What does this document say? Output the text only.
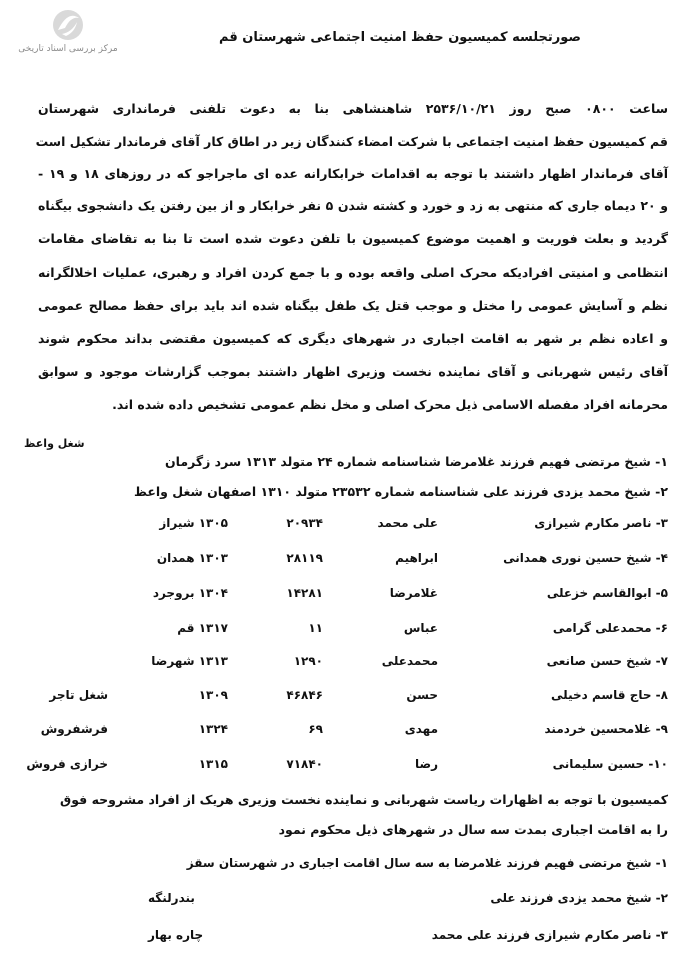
مرکز بررسی اسناد تاریخی
صورتجلسه کمیسیون حفظ امنیت اجتماعی شهرستان قم
ساعت ۰۸۰۰ صبح روز ۲۵۳۶/۱۰/۲۱ شاهنشاهی بنا به دعوت تلفنی فرمانداری شهرستان
قم کمیسیون حفظ امنیت اجتماعی با شرکت امضاء کنندگان زیر در اطاق کار آقای فرماندار تشکیل است
آقای فرماندار اظهار داشتند با توجه به اقدامات خرابکارانه عده ای ماجراجو که در روزهای ۱۸ و ۱۹ -
و ۲۰ دیماه جاری که منتهی به زد و خورد و کشته شدن ۵ نفر خرابکار و از بین رفتن یک دانشجوی بیگناه
گردید و بعلت فوریت و اهمیت موضوع کمیسیون با تلفن دعوت شده است تا بنا به تقاضای مقامات
انتظامی و امنیتی افرادیکه محرک اصلی واقعه بوده و با جمع کردن افراد و رهبری، عملیات اخلالگرانه
نظم و آسایش عمومی را مختل و موجب قتل یک طفل بیگناه شده اند باید برای حفظ مصالح عمومی
و اعاده نظم بر شهر به اقامت اجباری در شهرهای دیگری که کمیسیون مقتضی بداند محکوم شوند
آقای رئیس شهربانی و آقای نماینده نخست وزیری اظهار داشتند بموجب گزارشات موجود و سوابق
محرمانه افراد مفصله الاسامی ذیل محرک اصلی و مخل نظم عمومی تشخیص داده شده اند.
شغل واعظ
۱- شیخ مرتضی فهیم فرزند غلامرضا شناسنامه شماره ۲۴ متولد ۱۳۱۳ سرد زگرمان
۲- شیخ محمد یزدی فرزند علی شناسنامه شماره ۲۳۵۳۲ متولد ۱۳۱۰ اصفهان شغل واعظ
۳- ناصر مکارم شیرازی
علی محمد
۲۰۹۳۴
۱۳۰۵ شیراز
۴- شیخ حسین نوری همدانی
ابراهیم
۲۸۱۱۹
۱۳۰۳ همدان
۵- ابوالقاسم خزعلی
غلامرضا
۱۴۲۸۱
۱۳۰۴ بروجرد
۶- محمدعلی گرامی
عباس
۱۱
۱۳۱۷ قم
۷- شیخ حسن صانعی
محمدعلی
۱۲۹۰
۱۳۱۳ شهرضا
۸- حاج قاسم دخیلی
حسن
۴۶۸۴۶
۱۳۰۹
شغل تاجر
۹- غلامحسین خردمند
مهدی
۶۹
۱۳۲۴
فرشفروش
۱۰- حسین سلیمانی
رضا
۷۱۸۴۰
۱۳۱۵
خرازی فروش
کمیسیون با توجه به اظهارات ریاست شهربانی و نماینده نخست وزیری هریک از افراد مشروحه فوق
را به اقامت اجباری بمدت سه سال در شهرهای ذیل محکوم نمود
۱- شیخ مرتضی فهیم فرزند غلامرضا به سه سال اقامت اجباری در شهرستان سقز
۲- شیخ محمد یزدی فرزند علی
بندرلنگه
۳- ناصر مکارم شیرازی فرزند علی محمد
چاره بهار
